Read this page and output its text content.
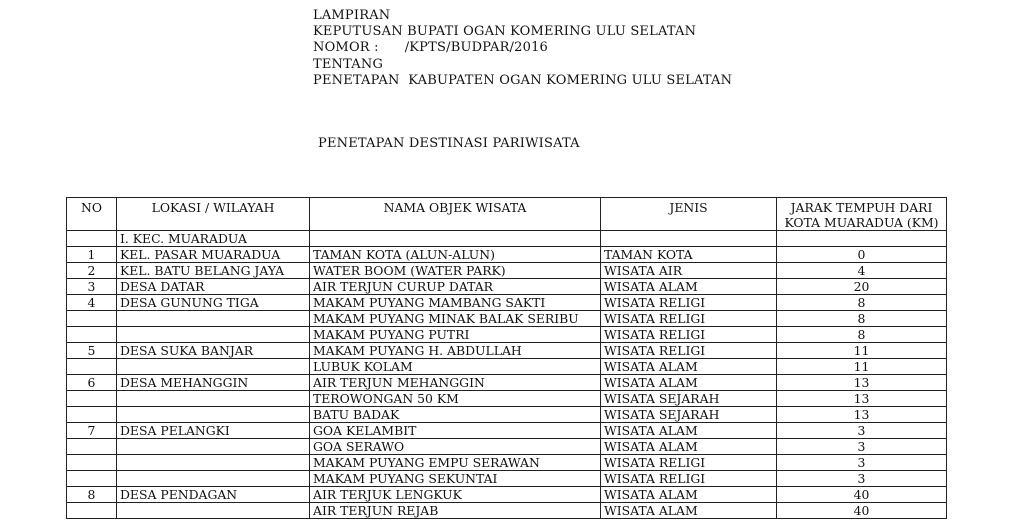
LAMPIRAN
KEPUTUSAN BUPATI OGAN KOMERING ULU SELATAN
NOMOR :      /KPTS/BUDPAR/2016
TENTANG
PENETAPAN  KABUPATEN OGAN KOMERING ULU SELATAN
PENETAPAN DESTINASI PARIWISATA
NO	LOKASI / WILAYAH	NAMA OBJEK WISATA	JENIS	JARAK TEMPUH DARI KOTA MUARADUA (KM)
	I. KEC. MUARADUA			
1	KEL. PASAR MUARADUA	TAMAN KOTA (ALUN-ALUN)	TAMAN KOTA	0
2	KEL. BATU BELANG JAYA	WATER BOOM (WATER PARK)	WISATA AIR	4
3	DESA DATAR	AIR TERJUN CURUP DATAR	WISATA ALAM	20
4	DESA GUNUNG TIGA	MAKAM PUYANG MAMBANG SAKTI	WISATA RELIGI	8
		MAKAM PUYANG MINAK BALAK SERIBU	WISATA RELIGI	8
		MAKAM PUYANG PUTRI	WISATA RELIGI	8
5	DESA SUKA BANJAR	MAKAM PUYANG H. ABDULLAH	WISATA RELIGI	11
		LUBUK KOLAM	WISATA ALAM	11
6	DESA MEHANGGIN	AIR TERJUN MEHANGGIN	WISATA ALAM	13
		TEROWONGAN 50 KM	WISATA SEJARAH	13
		BATU BADAK	WISATA SEJARAH	13
7	DESA PELANGKI	GOA KELAMBIT	WISATA ALAM	3
		GOA SERAWO	WISATA ALAM	3
		MAKAM PUYANG EMPU SERAWAN	WISATA RELIGI	3
		MAKAM PUYANG SEKUNTAI	WISATA RELIGI	3
8	DESA PENDAGAN	AIR TERJUK LENGKUK	WISATA ALAM	40
		AIR TERJUN REJAB	WISATA ALAM	40
